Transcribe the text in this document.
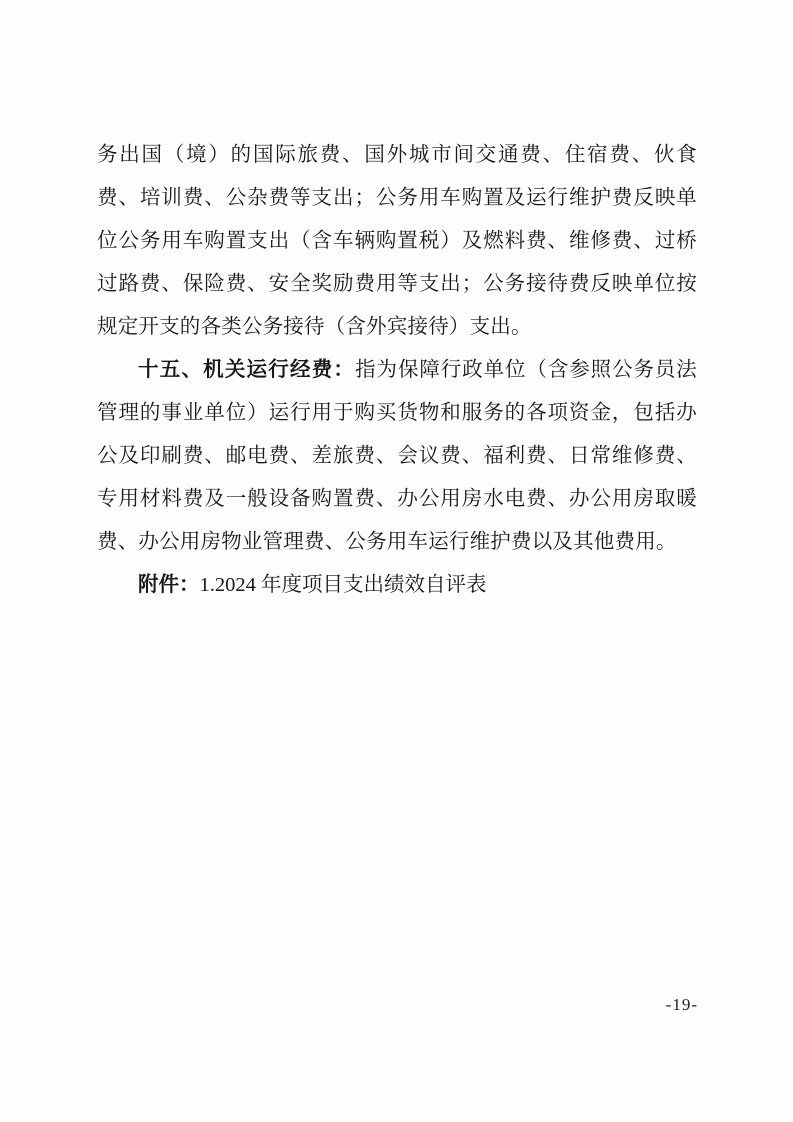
务出国（境）的国际旅费、国外城市间交通费、住宿费、伙食费、培训费、公杂费等支出；公务用车购置及运行维护费反映单位公务用车购置支出（含车辆购置税）及燃料费、维修费、过桥过路费、保险费、安全奖励费用等支出；公务接待费反映单位按规定开支的各类公务接待（含外宾接待）支出。

十五、机关运行经费：指为保障行政单位（含参照公务员法管理的事业单位）运行用于购买货物和服务的各项资金，包括办公及印刷费、邮电费、差旅费、会议费、福利费、日常维修费、专用材料费及一般设备购置费、办公用房水电费、办公用房取暖费、办公用房物业管理费、公务用车运行维护费以及其他费用。

附件：1.2024 年度项目支出绩效自评表

-19-
